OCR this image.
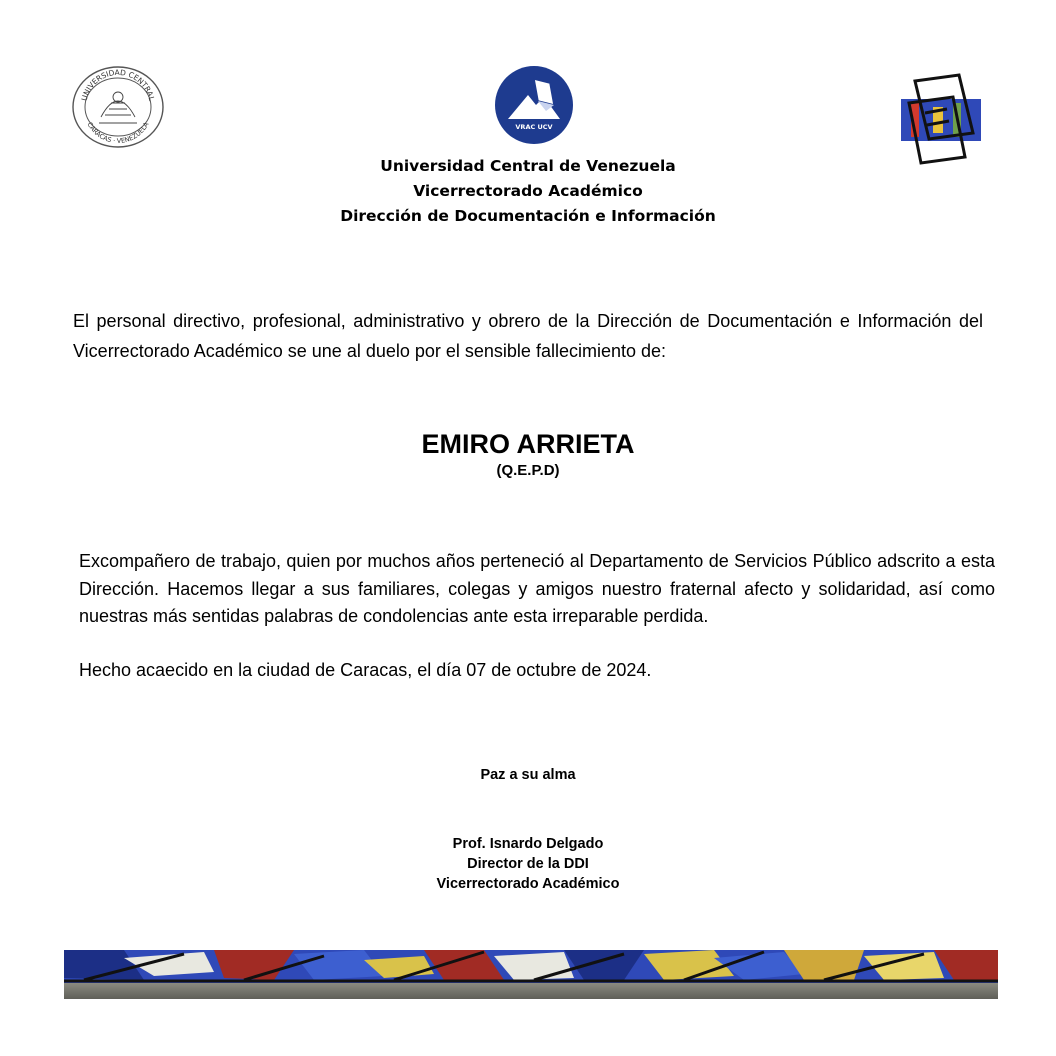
UNIVERSIDAD CENTRAL
CARACAS · VENEZUELA	VRAC UCV
Universidad Central de Venezuela
Vicerrectorado Académico
Dirección de Documentación e Información
El personal directivo, profesional, administrativo y obrero de la Dirección de Documentación e Información del Vicerrectorado Académico se une al duelo por el sensible fallecimiento de:
EMIRO ARRIETA
(Q.E.P.D)
Excompañero de trabajo, quien por muchos años perteneció al Departamento de Servicios Público adscrito a esta Dirección. Hacemos llegar a sus familiares, colegas y amigos nuestro fraternal afecto y solidaridad, así como nuestras más sentidas palabras de condolencias ante esta irreparable perdida.
Hecho acaecido en la ciudad de Caracas, el día 07 de octubre de 2024.
Paz a su alma
Prof. Isnardo Delgado
Director de la DDI
Vicerrectorado Académico
